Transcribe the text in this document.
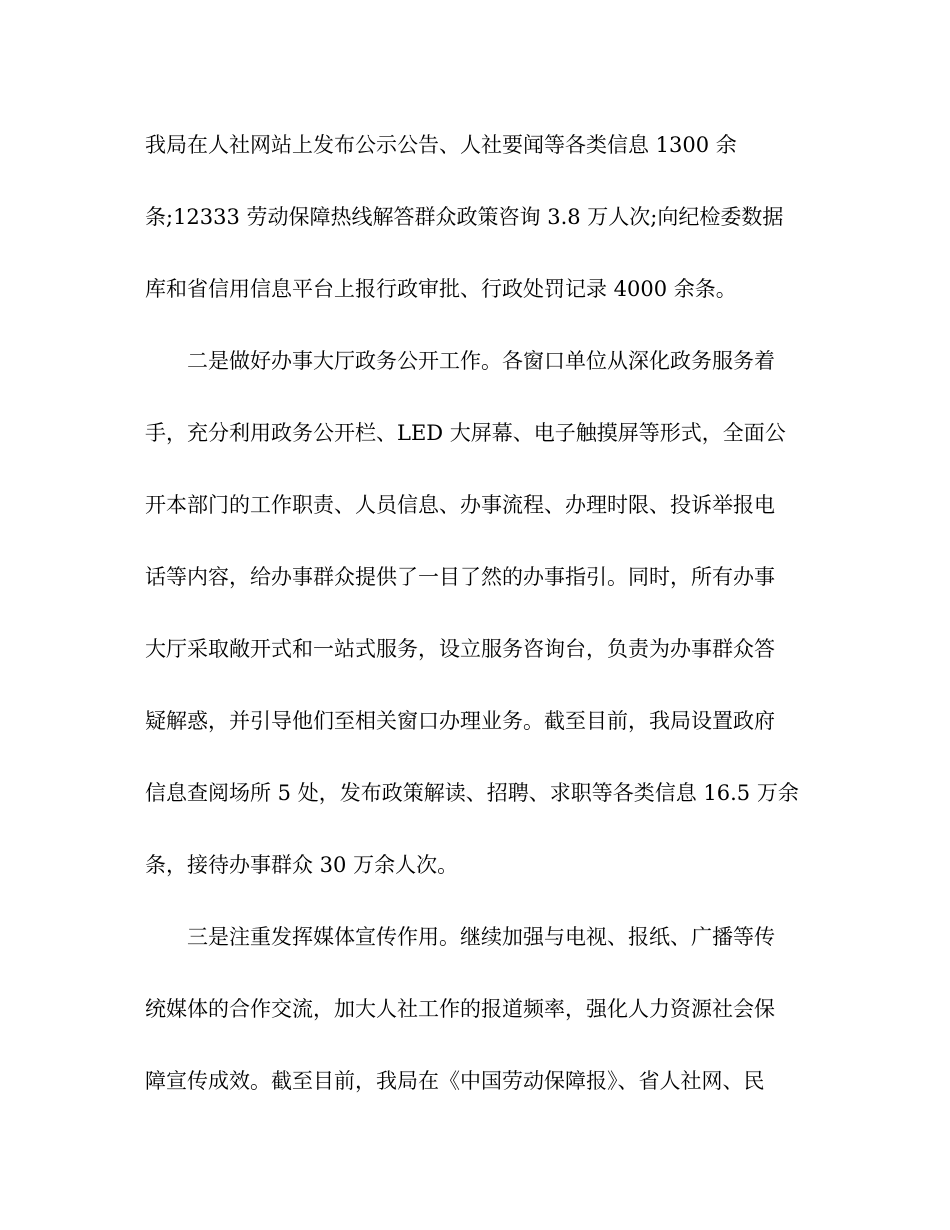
我局在人社网站上发布公示公告、人社要闻等各类信息 1300 余
条;12333 劳动保障热线解答群众政策咨询 3.8 万人次;向纪检委数据
库和省信用信息平台上报行政审批、行政处罚记录 4000 余条。
二是做好办事大厅政务公开工作。各窗口单位从深化政务服务着
手，充分利用政务公开栏、LED 大屏幕、电子触摸屏等形式，全面公
开本部门的工作职责、人员信息、办事流程、办理时限、投诉举报电
话等内容，给办事群众提供了一目了然的办事指引。同时，所有办事
大厅采取敞开式和一站式服务，设立服务咨询台，负责为办事群众答
疑解惑，并引导他们至相关窗口办理业务。截至目前，我局设置政府
信息查阅场所 5 处，发布政策解读、招聘、求职等各类信息 16.5 万余
条，接待办事群众 30 万余人次。
三是注重发挥媒体宣传作用。继续加强与电视、报纸、广播等传
统媒体的合作交流，加大人社工作的报道频率，强化人力资源社会保
障宣传成效。截至目前，我局在《中国劳动保障报》、省人社网、民
